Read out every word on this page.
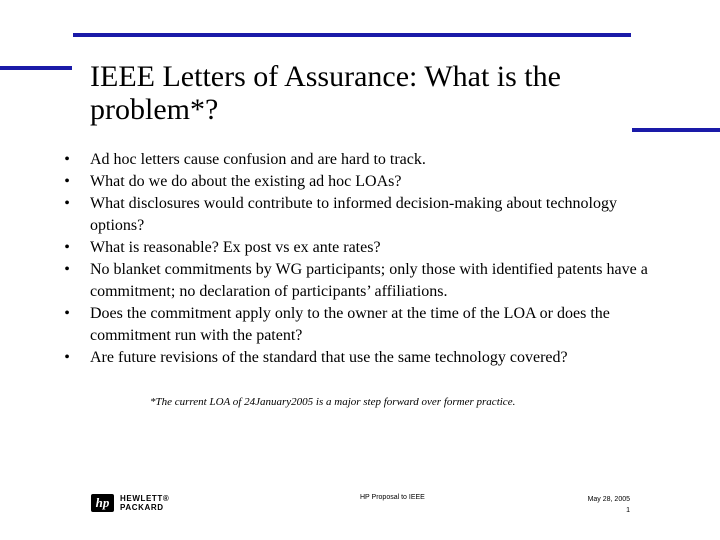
IEEE Letters of Assurance: What is the
problem*?
•	Ad hoc letters cause confusion and are hard to track.
•	What do we do about the existing ad hoc LOAs?
•	What disclosures would contribute to informed decision-making about technology options?
•	What is reasonable? Ex post vs ex ante rates?
•	No blanket commitments by WG participants; only those with identified patents have a commitment; no declaration of participants’ affiliations.
•	Does the commitment apply only to the owner at the time of the LOA or does the commitment run with the patent?
•	Are future revisions of the standard that use the same technology covered?
*The current LOA of 24January2005 is a major step forward over former practice.
hp	HEWLETT®
PACKARD
HP Proposal to IEEE	May 28, 2005
1
